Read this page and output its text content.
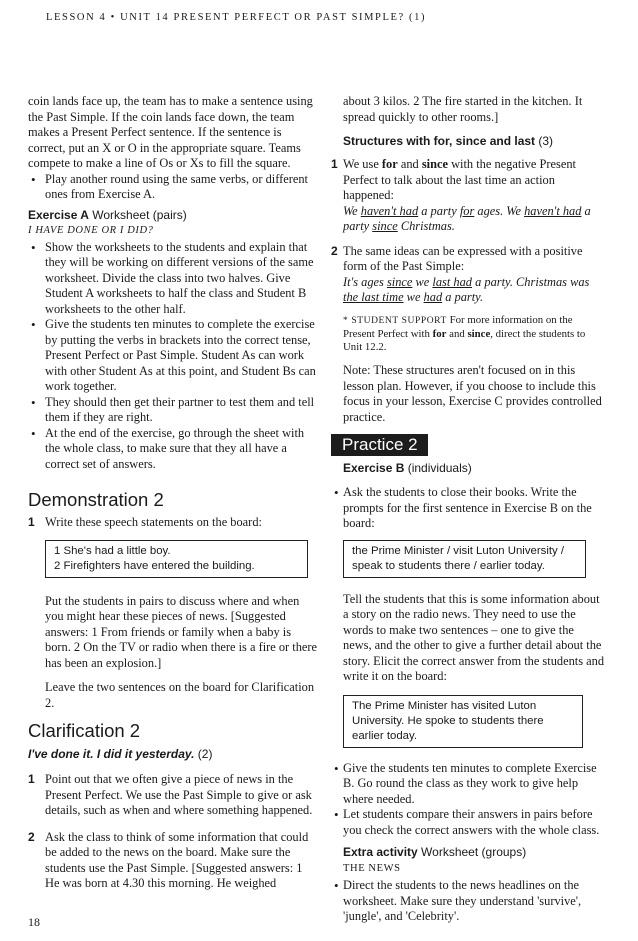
LESSON 4 • UNIT 14 PRESENT PERFECT OR PAST SIMPLE? (1)

coin lands face up, the team has to make a sentence using the Past Simple. If the coin lands face down, the team makes a Present Perfect sentence. If the sentence is correct, put an X or O in the appropriate square. Teams compete to make a line of Os or Xs to fill the square.

• Play another round using the same verbs, or different ones from Exercise A.
Exercise A Worksheet (pairs)
I HAVE DONE OR I DID?
• Show the worksheets to the students and explain that they will be working on different versions of the same worksheet. Divide the class into two halves. Give Student A worksheets to half the class and Student B worksheets to the other half.
• Give the students ten minutes to complete the exercise by putting the verbs in brackets into the correct tense, Present Perfect or Past Simple. Student As can work with other Student As at this point, and Student Bs can work together.
• They should then get their partner to test them and tell them if they are right.
• At the end of the exercise, go through the sheet with the whole class, to make sure that they all have a correct set of answers.
Demonstration 2
1 Write these speech statements on the board:
1 She's had a little boy.
2 Firefighters have entered the building.

Put the students in pairs to discuss where and when you might hear these pieces of news. [Suggested answers: 1 From friends or family when a baby is born. 2 On the TV or radio when there is a fire or there has been an explosion.]

Leave the two sentences on the board for Clarification 2.

Clarification 2
I've done it. I did it yesterday. (2)
1 Point out that we often give a piece of news in the Present Perfect. We use the Past Simple to give or ask details, such as when and where something happened.
2 Ask the class to think of some information that could be added to the news on the board. Make sure the students use the Past Simple. [Suggested answers: 1 He was born at 4.30 this morning. He weighed

about 3 kilos. 2 The fire started in the kitchen. It spread quickly to other rooms.]

Structures with for, since and last (3)
1 We use for and since with the negative Present Perfect to talk about the last time an action happened:
We haven't had a party for ages. We haven't had a party since Christmas.
2 The same ideas can be expressed with a positive form of the Past Simple:
It's ages since we last had a party. Christmas was the last time we had a party.

* STUDENT SUPPORT For more information on the Present Perfect with for and since, direct the students to Unit 12.2.

Note: These structures aren't focused on in this lesson plan. However, if you choose to include this focus in your lesson, Exercise C provides controlled practice.

Practice 2
Exercise B (individuals)
• Ask the students to close their books. Write the prompts for the first sentence in Exercise B on the board:
the Prime Minister / visit Luton University / speak to students there / earlier today.

Tell the students that this is some information about a story on the radio news. They need to use the words to make two sentences – one to give the news, and the other to give a further detail about the story. Elicit the correct answer from the students and write it on the board:

The Prime Minister has visited Luton University. He spoke to students there earlier today.
• Give the students ten minutes to complete Exercise B. Go round the class as they work to give help where needed.
• Let students compare their answers in pairs before you check the correct answers with the whole class.
Extra activity Worksheet (groups)
THE NEWS
• Direct the students to the news headlines on the worksheet. Make sure they understand 'survive', 'jungle', and 'Celebrity'.
18
